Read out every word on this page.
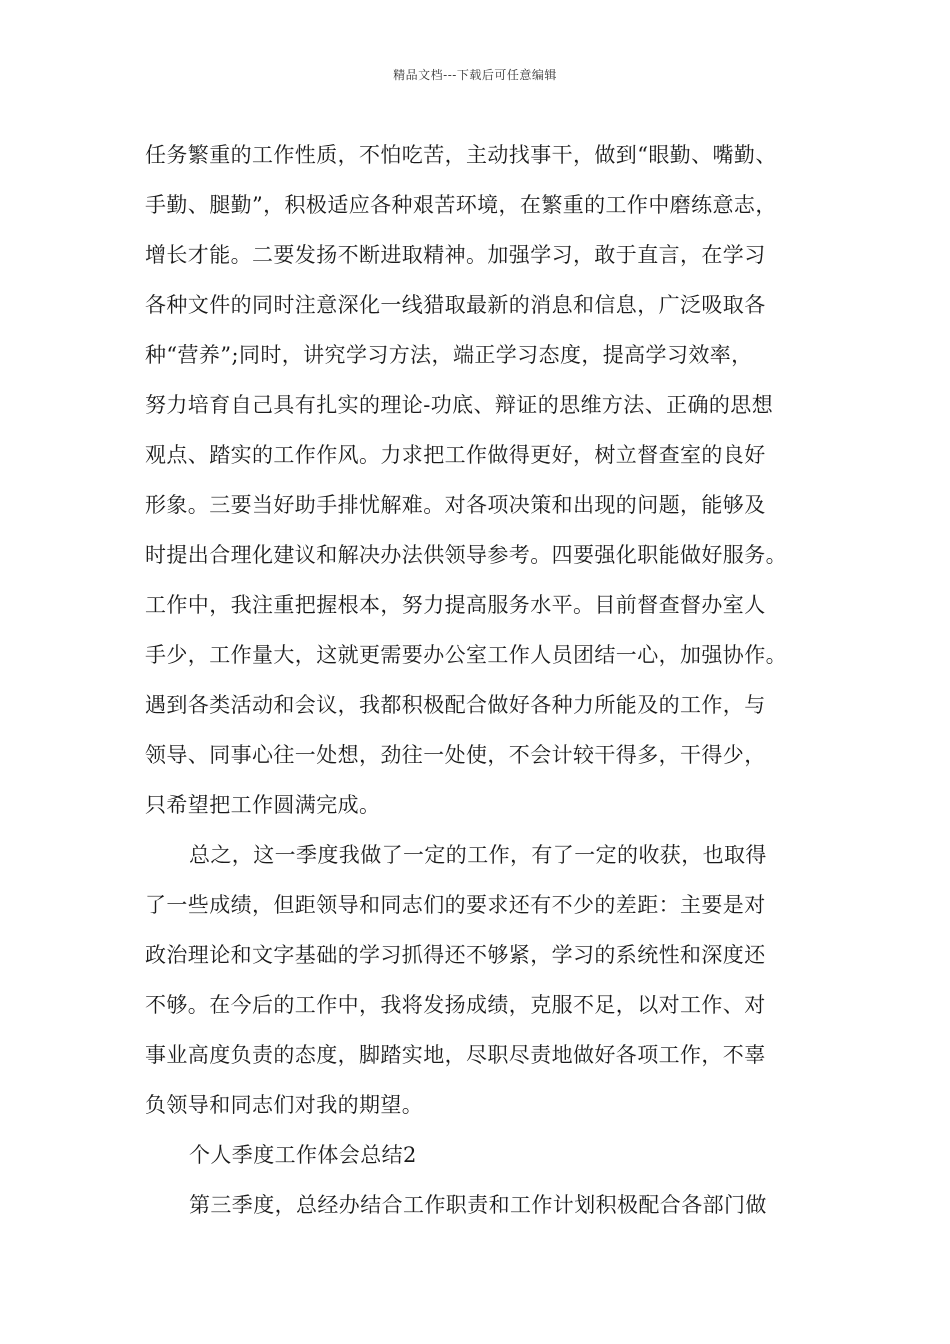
精品文档---下载后可任意编辑
任务繁重的工作性质，不怕吃苦，主动找事干，做到“眼勤、嘴勤、
手勤、腿勤”，积极适应各种艰苦环境，在繁重的工作中磨练意志，
增长才能。二要发扬不断进取精神。加强学习，敢于直言，在学习
各种文件的同时注意深化一线猎取最新的消息和信息，广泛吸取各
种“营养”;同时，讲究学习方法，端正学习态度，提高学习效率，
努力培育自己具有扎实的理论-功底、辩证的思维方法、正确的思想
观点、踏实的工作作风。力求把工作做得更好，树立督查室的良好
形象。三要当好助手排忧解难。对各项决策和出现的问题，能够及
时提出合理化建议和解决办法供领导参考。四要强化职能做好服务。
工作中，我注重把握根本，努力提高服务水平。目前督查督办室人
手少，工作量大，这就更需要办公室工作人员团结一心，加强协作。
遇到各类活动和会议，我都积极配合做好各种力所能及的工作，与
领导、同事心往一处想，劲往一处使，不会计较干得多，干得少，
只希望把工作圆满完成。
总之，这一季度我做了一定的工作，有了一定的收获，也取得
了一些成绩，但距领导和同志们的要求还有不少的差距：主要是对
政治理论和文字基础的学习抓得还不够紧，学习的系统性和深度还
不够。在今后的工作中，我将发扬成绩，克服不足，以对工作、对
事业高度负责的态度，脚踏实地，尽职尽责地做好各项工作，不辜
负领导和同志们对我的期望。
个人季度工作体会总结2
第三季度，总经办结合工作职责和工作计划积极配合各部门做
